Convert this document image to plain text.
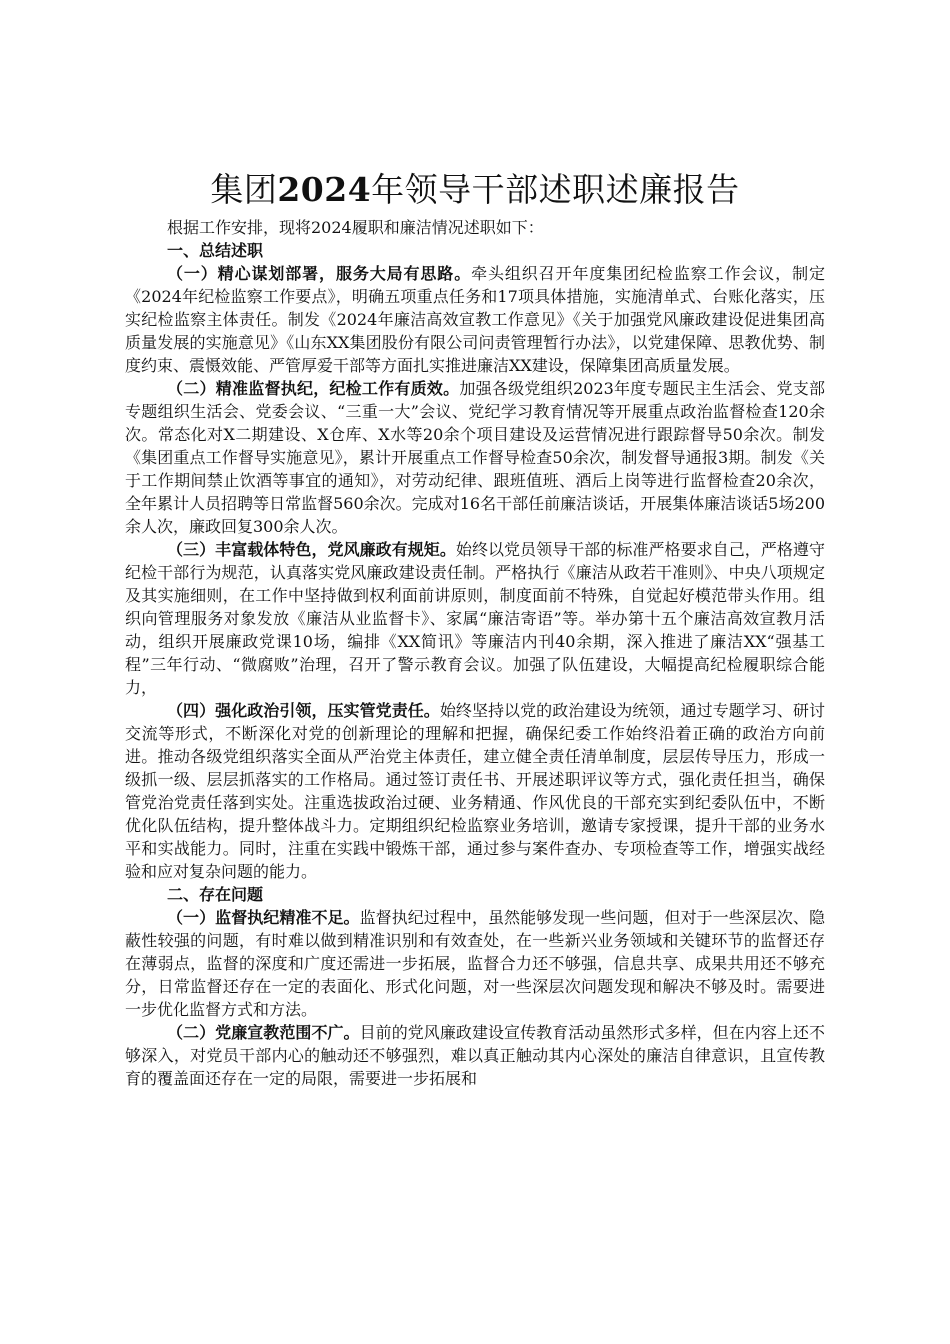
集团2024年领导干部述职述廉报告

根据工作安排，现将2024履职和廉洁情况述职如下：

一、总结述职

（一）精心谋划部署，服务大局有思路。牵头组织召开年度集团纪检监察工作会议，制定《2024年纪检监察工作要点》，明确五项重点任务和17项具体措施，实施清单式、台账化落实，压实纪检监察主体责任。制发《2024年廉洁高效宣教工作意见》《关于加强党风廉政建设促进集团高质量发展的实施意见》《山东XX集团股份有限公司问责管理暂行办法》，以党建保障、思教优势、制度约束、震慑效能、严管厚爱干部等方面扎实推进廉洁XX建设，保障集团高质量发展。

（二）精准监督执纪，纪检工作有质效。加强各级党组织2023年度专题民主生活会、党支部专题组织生活会、党委会议、“三重一大”会议、党纪学习教育情况等开展重点政治监督检查120余次。常态化对X二期建设、X仓库、X水等20余个项目建设及运营情况进行跟踪督导50余次。制发《集团重点工作督导实施意见》，累计开展重点工作督导检查50余次，制发督导通报3期。制发《关于工作期间禁止饮酒等事宜的通知》，对劳动纪律、跟班值班、酒后上岗等进行监督检查20余次，全年累计人员招聘等日常监督560余次。完成对16名干部任前廉洁谈话，开展集体廉洁谈话5场200余人次，廉政回复300余人次。

（三）丰富载体特色，党风廉政有规矩。始终以党员领导干部的标准严格要求自己，严格遵守纪检干部行为规范，认真落实党风廉政建设责任制。严格执行《廉洁从政若干准则》、中央八项规定及其实施细则，在工作中坚持做到权利面前讲原则，制度面前不特殊，自觉起好模范带头作用。组织向管理服务对象发放《廉洁从业监督卡》、家属“廉洁寄语”等。举办第十五个廉洁高效宣教月活动，组织开展廉政党课10场，编排《XX简讯》等廉洁内刊40余期，深入推进了廉洁XX“强基工程”三年行动、“微腐败”治理，召开了警示教育会议。加强了队伍建设，大幅提高纪检履职综合能力，

（四）强化政治引领，压实管党责任。始终坚持以党的政治建设为统领，通过专题学习、研讨交流等形式，不断深化对党的创新理论的理解和把握，确保纪委工作始终沿着正确的政治方向前进。推动各级党组织落实全面从严治党主体责任，建立健全责任清单制度，层层传导压力，形成一级抓一级、层层抓落实的工作格局。通过签订责任书、开展述职评议等方式，强化责任担当，确保管党治党责任落到实处。注重选拔政治过硬、业务精通、作风优良的干部充实到纪委队伍中，不断优化队伍结构，提升整体战斗力。定期组织纪检监察业务培训，邀请专家授课，提升干部的业务水平和实战能力。同时，注重在实践中锻炼干部，通过参与案件查办、专项检查等工作，增强实战经验和应对复杂问题的能力。

二、存在问题

（一）监督执纪精准不足。监督执纪过程中，虽然能够发现一些问题，但对于一些深层次、隐蔽性较强的问题，有时难以做到精准识别和有效查处，在一些新兴业务领域和关键环节的监督还存在薄弱点，监督的深度和广度还需进一步拓展，监督合力还不够强，信息共享、成果共用还不够充分，日常监督还存在一定的表面化、形式化问题，对一些深层次问题发现和解决不够及时。需要进一步优化监督方式和方法。

（二）党廉宣教范围不广。目前的党风廉政建设宣传教育活动虽然形式多样，但在内容上还不够深入，对党员干部内心的触动还不够强烈，难以真正触动其内心深处的廉洁自律意识，且宣传教育的覆盖面还存在一定的局限，需要进一步拓展和
